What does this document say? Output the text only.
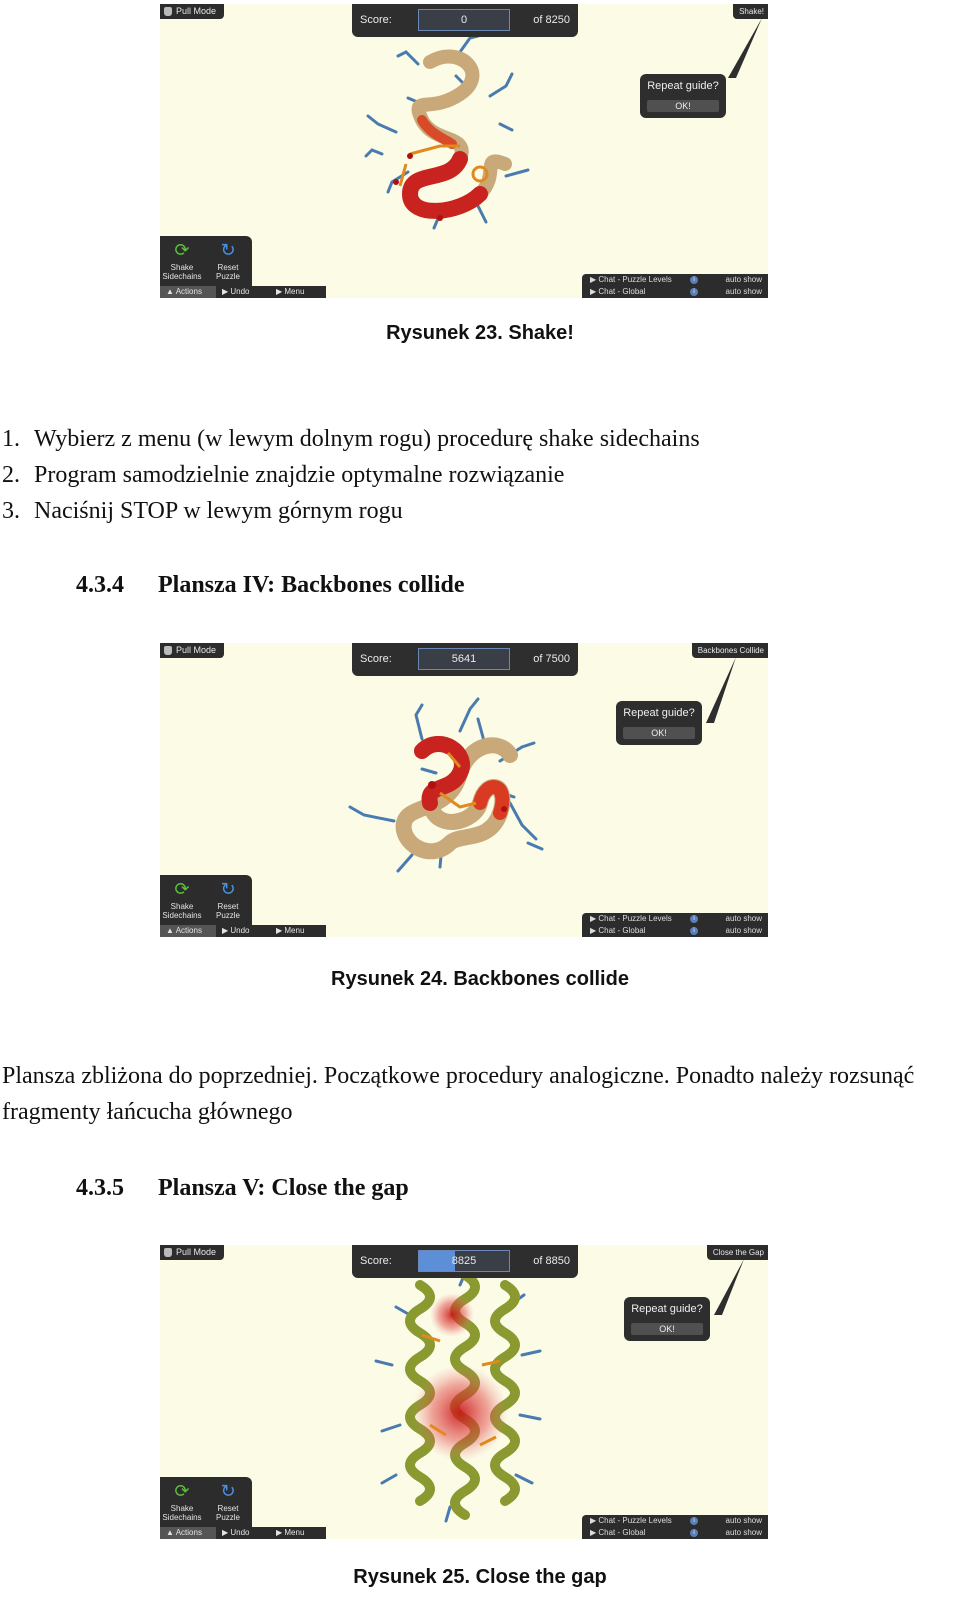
Pull Mode
Score:	0	of 8250
Shake!
Repeat guide?
OK!
⟳
Shake
Sidechains
↻
Reset
Puzzle
▲ Actions	▶ Undo	▶ Menu
▶ Chat - Puzzle Levels	i	auto show
▶ Chat - Global	i	auto show
Rysunek 23. Shake!
1. Wybierz z menu (w lewym dolnym rogu) procedurę shake sidechains
2. Program samodzielnie znajdzie optymalne rozwiązanie
3. Naciśnij STOP w lewym górnym rogu
4.3.4 Plansza IV: Backbones collide
Pull Mode
Score:	5641	of 7500
Backbones Collide
Repeat guide?
OK!
⟳
Shake
Sidechains
↻
Reset
Puzzle
▲ Actions	▶ Undo	▶ Menu
▶ Chat - Puzzle Levels	i	auto show
▶ Chat - Global	i	auto show
Rysunek 24. Backbones collide

Plansza zbliżona do poprzedniej. Początkowe procedury analogiczne. Ponadto należy rozsunąć fragmenty łańcucha głównego

4.3.5 Plansza V: Close the gap
Pull Mode
Score:	8825	of 8850
Close the Gap
Repeat guide?
OK!
⟳
Shake
Sidechains
↻
Reset
Puzzle
▲ Actions	▶ Undo	▶ Menu
▶ Chat - Puzzle Levels	i	auto show
▶ Chat - Global	i	auto show
Rysunek 25. Close the gap
